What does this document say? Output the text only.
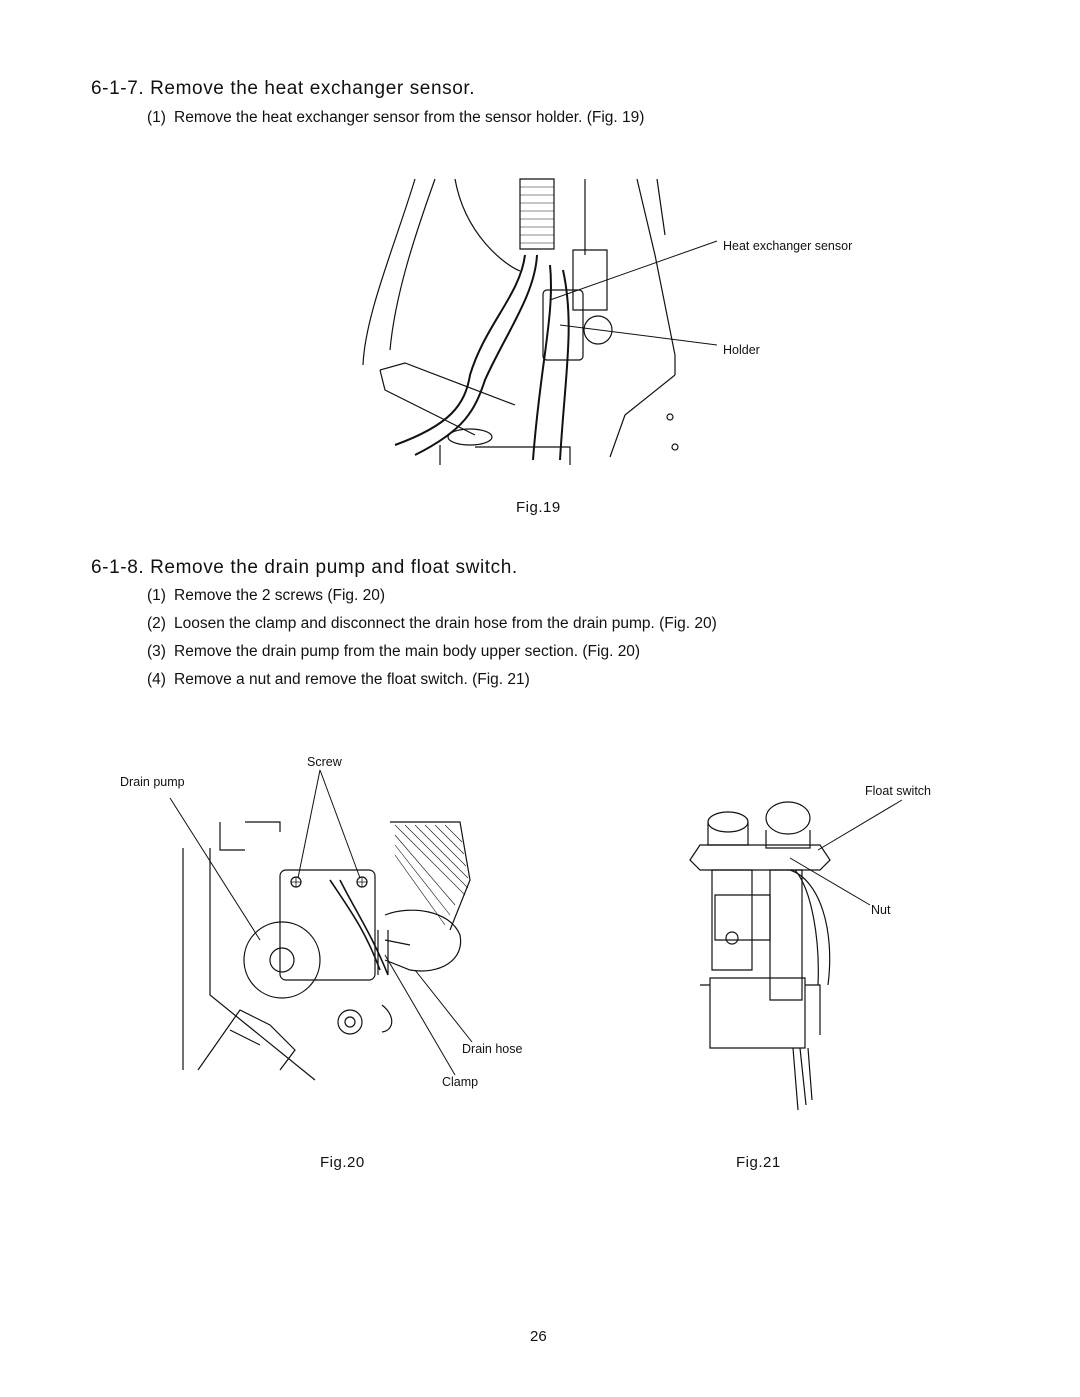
6-1-7. Remove the heat exchanger sensor.
(1) Remove the heat exchanger sensor from the sensor holder. (Fig. 19)
Heat exchanger sensor
Holder
Fig.19
6-1-8. Remove the drain pump and float switch.
(1) Remove the 2 screws (Fig. 20)
(2) Loosen the clamp and disconnect the drain hose from the drain pump. (Fig. 20)
(3) Remove the drain pump from the main body upper section. (Fig. 20)
(4) Remove a nut and remove the float switch. (Fig. 21)
Drain pump
Screw
Drain hose
Clamp
Fig.20
Float switch
Nut
Fig.21
26
